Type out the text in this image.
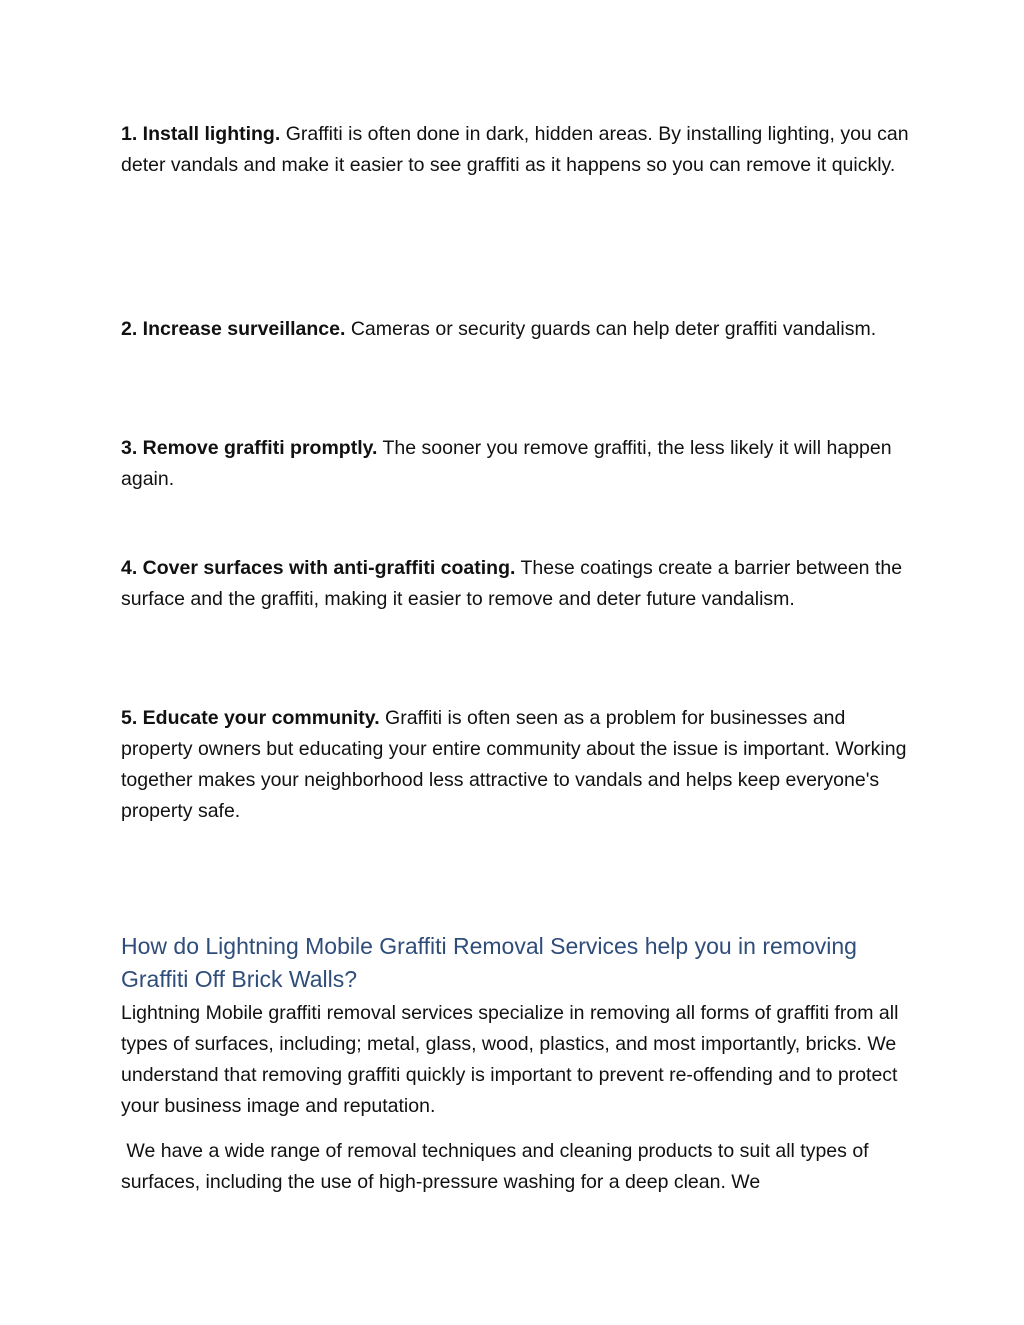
1. Install lighting. Graffiti is often done in dark, hidden areas. By installing lighting, you can deter vandals and make it easier to see graffiti as it happens so you can remove it quickly.

2. Increase surveillance. Cameras or security guards can help deter graffiti vandalism.

3. Remove graffiti promptly. The sooner you remove graffiti, the less likely it will happen again.

4. Cover surfaces with anti-graffiti coating. These coatings create a barrier between the surface and the graffiti, making it easier to remove and deter future vandalism.

5. Educate your community. Graffiti is often seen as a problem for businesses and property owners but educating your entire community about the issue is important. Working together makes your neighborhood less attractive to vandals and helps keep everyone's property safe.

How do Lightning Mobile Graffiti Removal Services help you in removing Graffiti Off Brick Walls?

Lightning Mobile graffiti removal services specialize in removing all forms of graffiti from all types of surfaces, including; metal, glass, wood, plastics, and most importantly, bricks. We understand that removing graffiti quickly is important to prevent re-offending and to protect your business image and reputation.

We have a wide range of removal techniques and cleaning products to suit all types of surfaces, including the use of high-pressure washing for a deep clean. We
